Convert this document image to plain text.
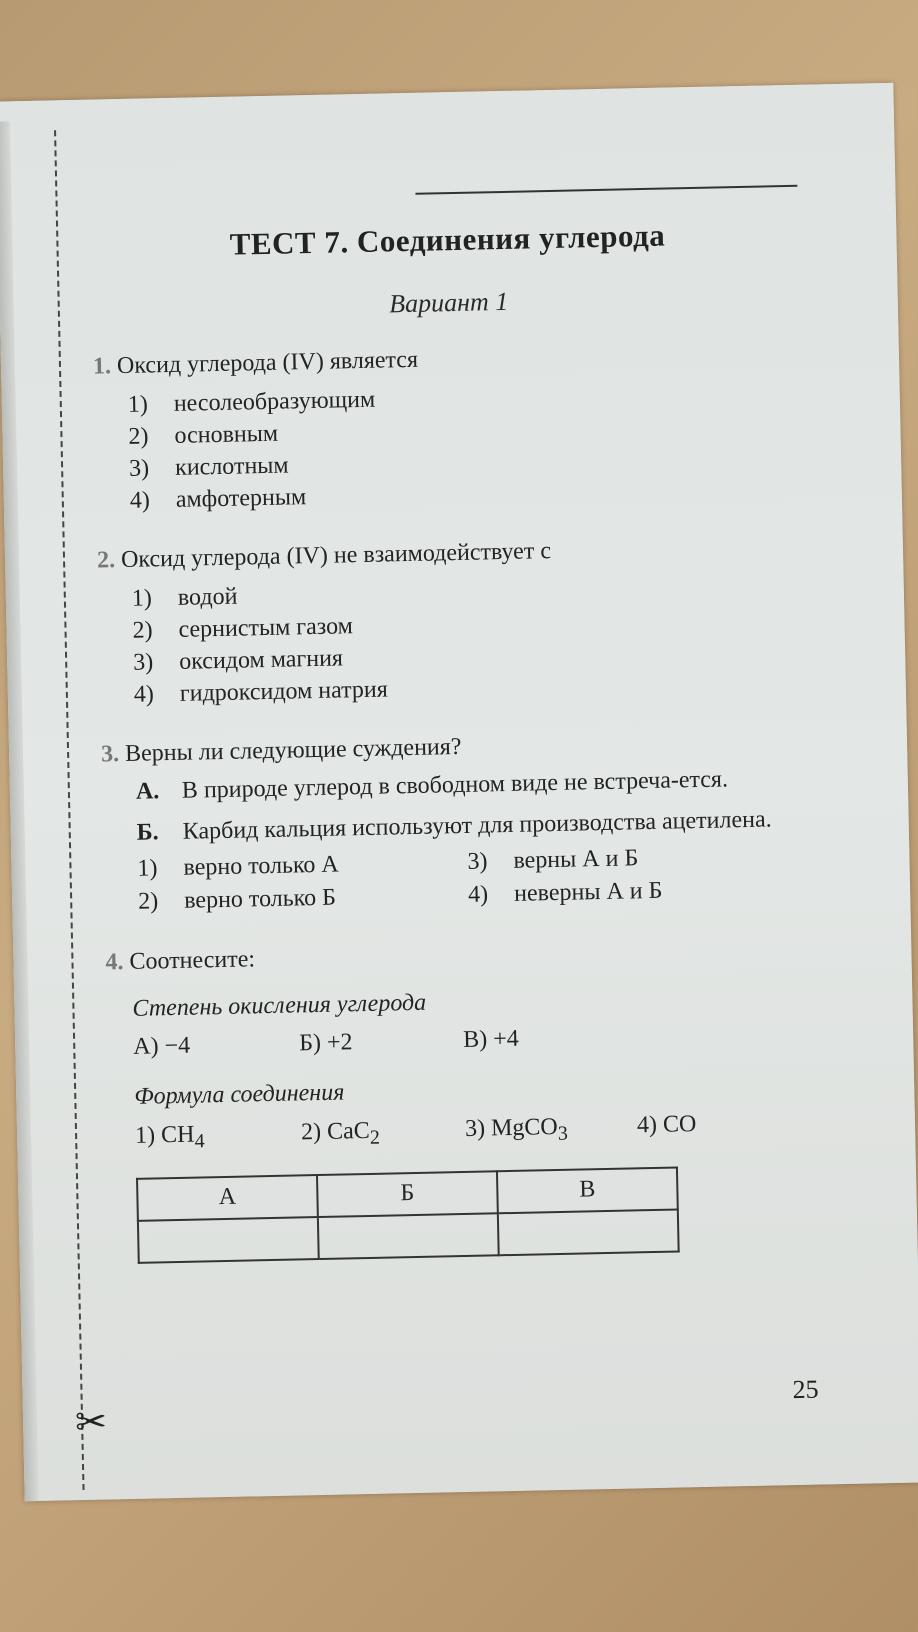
✂
ТЕСТ 7. Соединения углерода
Вариант 1
1. Оксид углерода (IV) является
1) несолеобразующим
2) основным
3) кислотным
4) амфотерным
2. Оксид углерода (IV) не взаимодействует с
1) водой
2) сернистым газом
3) оксидом магния
4) гидроксидом натрия
3. Верны ли следующие суждения?
А. В природе углерод в свободном виде не встреча-ется.
Б. Карбид кальция используют для производства ацетилена.
1) верно только А	3) верны А и Б
2) верно только Б	4) неверны А и Б
4. Соотнесите:
Степень окисления углерода
А) −4	Б) +2	В) +4
Формула соединения
1) $CH_4$	2) CaC$_2$	3) MgCO$_3$	4) CO
А	Б	В

25
